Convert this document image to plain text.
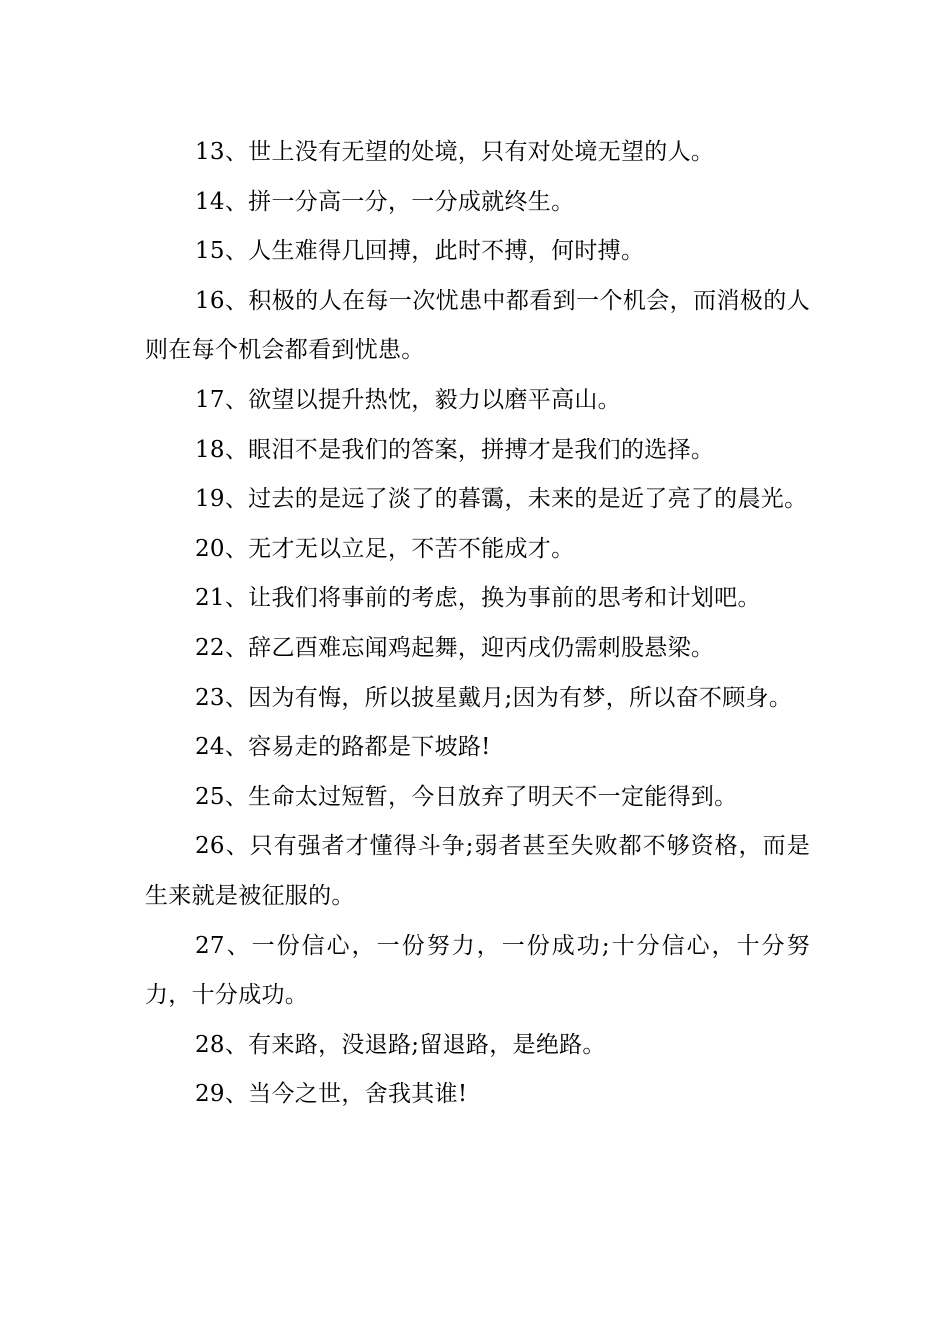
13、世上没有无望的处境，只有对处境无望的人。

14、拼一分高一分，一分成就终生。

15、人生难得几回搏，此时不搏，何时搏。

16、积极的人在每一次忧患中都看到一个机会，而消极的人则在每个机会都看到忧患。

17、欲望以提升热忱，毅力以磨平高山。

18、眼泪不是我们的答案，拼搏才是我们的选择。

19、过去的是远了淡了的暮霭，未来的是近了亮了的晨光。

20、无才无以立足，不苦不能成才。

21、让我们将事前的考虑，换为事前的思考和计划吧。

22、辞乙酉难忘闻鸡起舞，迎丙戌仍需刺股悬梁。

23、因为有悔，所以披星戴月;因为有梦，所以奋不顾身。

24、容易走的路都是下坡路!

25、生命太过短暂，今日放弃了明天不一定能得到。

26、只有强者才懂得斗争;弱者甚至失败都不够资格，而是生来就是被征服的。

27、一份信心，一份努力，一份成功;十分信心，十分努力，十分成功。

28、有来路，没退路;留退路，是绝路。

29、当今之世，舍我其谁!
